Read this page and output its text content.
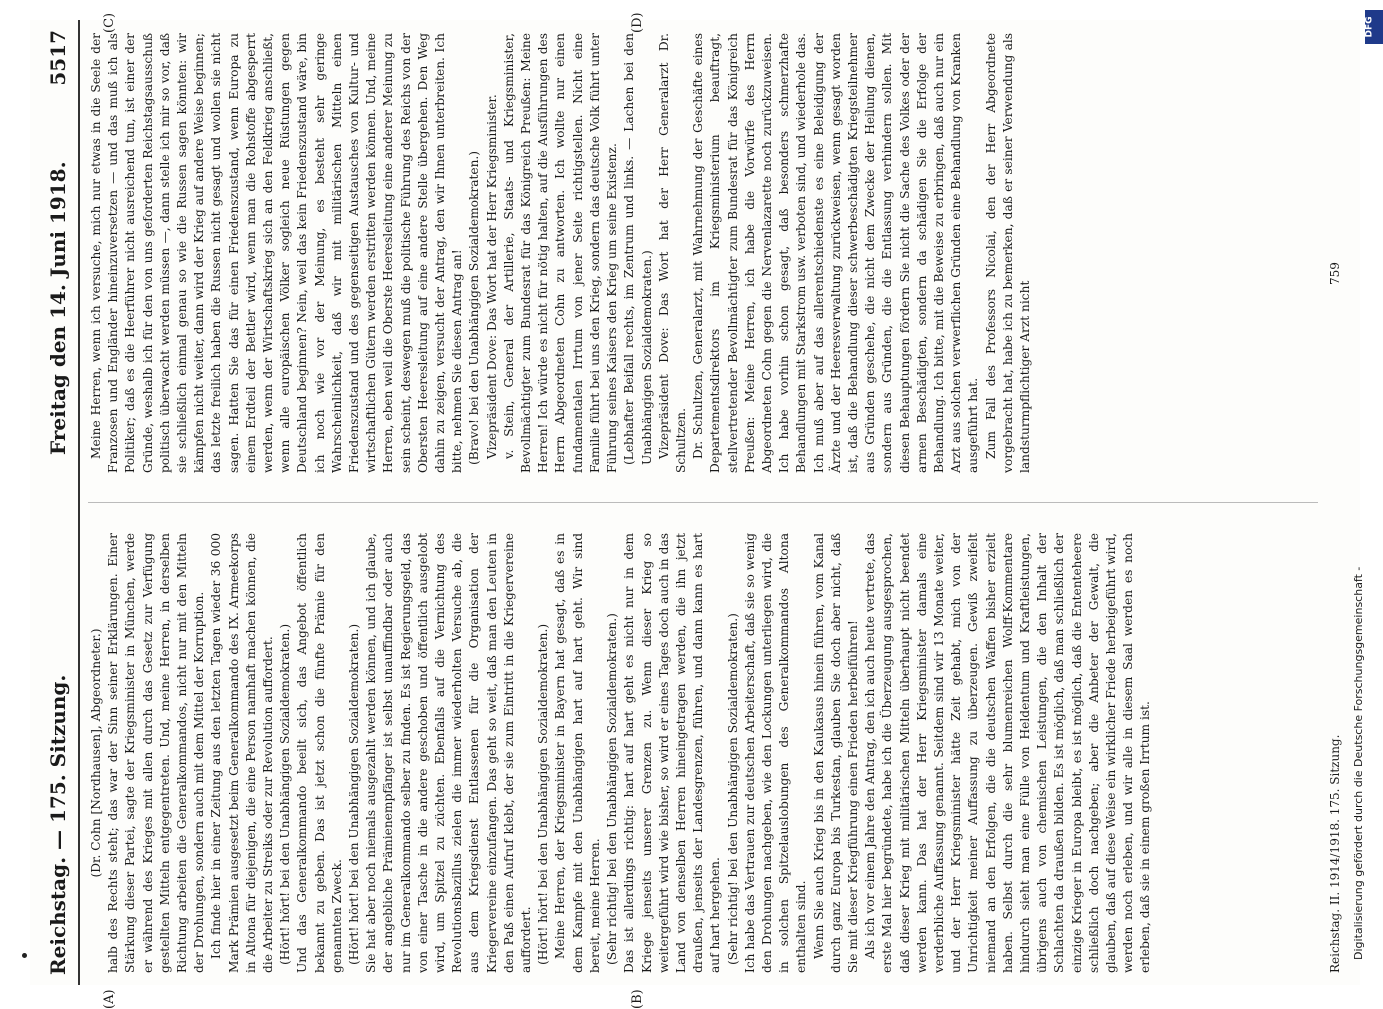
Reichstag. — 175. Sitzung.
Freitag den 14. Juni 1918.
5517
(A)	(B)
(C)	(D)

(Dr. Cohn [Nordhausen], Abgeordneter.) halb des Rechts steht; das war der Sinn seiner Erklärungen. Einer Stärkung dieser Partei, sagte der Kriegsminister in München, werde er während des Krieges mit allen durch das Gesetz zur Verfügung gestellten Mitteln entgegentreten. Und, meine Herren, in derselben Richtung arbeiten die Generalkommandos, nicht nur mit den Mitteln der Drohungen, sondern auch mit dem Mittel der Korruption. Ich finde hier in einer Zeitung aus den letzten Tagen wieder 36 000 Mark Prämien ausgesetzt beim Generalkommando des IX. Armeekorps in Altona für diejenigen, die eine Person namhaft machen können, die die Arbeiter zu Streiks oder zur Revolution auffordert. (Hört! hört! bei den Unabhängigen Sozialdemokraten.) Und das Generalkommando beeilt sich, das Angebot öffentlich bekannt zu geben. Das ist jetzt schon die fünfte Prämie für den genannten Zweck. (Hört! hört! bei den Unabhängigen Sozialdemokraten.) Sie hat aber noch niemals ausgezahlt werden können, und ich glaube, der angebliche Prämienempfänger ist selbst unauffindbar oder auch nur im Generalkommando selber zu finden. Es ist Regierungsgeld, das von einer Tasche in die andere geschoben und öffentlich ausgelobt wird, um Spitzel zu züchten. Ebenfalls auf die Vernichtung des Revolutionsbazillus zielen die immer wiederholten Versuche ab, die aus dem Kriegsdienst Entlassenen für die Organisation der Kriegervereine einzufangen. Das geht so weit, daß man den Leuten in den Paß einen Aufruf klebt, der sie zum Eintritt in die Kriegervereine auffordert. (Hört! hört! bei den Unabhängigen Sozialdemokraten.) Meine Herren, der Kriegsminister in Bayern hat gesagt, daß es in dem Kampfe mit den Unabhängigen hart auf hart geht. Wir sind bereit, meine Herren. (Sehr richtig! bei den Unabhängigen Sozialdemokraten.) Das ist allerdings richtig: hart auf hart geht es nicht nur in dem Kriege jenseits unserer Grenzen zu. Wenn dieser Krieg so weitergeführt wird wie bisher, so wird er eines Tages doch auch in das Land von denselben Herren hineingetragen werden, die ihn jetzt draußen, jenseits der Landesgrenzen, führen, und dann kann es hart auf hart hergehen. (Sehr richtig! bei den Unabhängigen Sozialdemokraten.) Ich habe das Vertrauen zur deutschen Arbeiterschaft, daß sie so wenig den Drohungen nachgeben, wie den Lockungen unterliegen wird, die in solchen Spitzelauslobungen des Generalkommandos Altona enthalten sind. Wenn Sie auch Krieg bis in den Kaukasus hinein führen, vom Kanal durch ganz Europa bis Turkestan, glauben Sie doch aber nicht, daß Sie mit dieser Kriegführung einen Frieden herbeiführen! Als ich vor einem Jahre den Antrag, den ich auch heute vertrete, das erste Mal hier begründete, habe ich die Überzeugung ausgesprochen, daß dieser Krieg mit militärischen Mitteln überhaupt nicht beendet werden kann. Das hat der Herr Kriegsminister damals eine verderbliche Auffassung genannt. Seitdem sind wir 13 Monate weiter, und der Herr Kriegsminister hätte Zeit gehabt, mich von der Unrichtigkeit meiner Auffassung zu überzeugen. Gewiß zweifelt niemand an den Erfolgen, die die deutschen Waffen bisher erzielt haben. Selbst durch die sehr blumenreichen Wolff-Kommentare hindurch sieht man eine Fülle von Heldentum und Kraftleistungen, übrigens auch von chemischen Leistungen, die den Inhalt der Schlachten da draußen bilden. Es ist möglich, daß man schließlich der einzige Krieger in Europa bleibt, es ist möglich, daß die Ententeheere schließlich doch nachgeben; aber die Anbeter der Gewalt, die glauben, daß auf diese Weise ein wirklicher Friede herbeigeführt wird, werden noch erleben, und wir alle in diesem Saal werden es noch erleben, daß sie in einem großen Irrtum ist.

Meine Herren, wenn ich versuche, mich nur etwas in die Seele der Franzosen und Engländer hineinzuversetzen — und das muß ich als Politiker; daß es die Heerführer nicht ausreichend tun, ist einer der Gründe, weshalb ich für den von uns geforderten Reichstagsausschuß politisch überwacht werden müssen —, dann stelle ich mir so vor, daß sie schließlich einmal genau so wie die Russen sagen könnten: wir kämpfen nicht weiter, dann wird der Krieg auf andere Weise beginnen; das letzte freilich haben die Russen nicht gesagt und wollen sie nicht sagen. Hatten Sie das für einen Friedenszustand, wenn Europa zu einem Erdteil der Bettler wird, wenn man die Rohstoffe abgesperrt werden, wenn der Wirtschaftskrieg sich an den Feldkrieg anschließt, wenn alle europäischen Völker sogleich neue Rüstungen gegen Deutschland beginnen? Nein, weil das kein Friedenszustand wäre, bin ich noch wie vor der Meinung, es besteht sehr geringe Wahrscheinlichkeit, daß wir mit militärischen Mitteln einen Friedenszustand und des gegenseitigen Austausches von Kultur- und wirtschaftlichen Gütern werden erstritten werden können. Und, meine Herren, eben weil die Oberste Heeresleitung eine anderer Meinung zu sein scheint, deswegen muß die politische Führung des Reichs von der Obersten Heeresleitung auf eine andere Stelle übergehen. Den Weg dahin zu zeigen, versucht der Antrag, den wir Ihnen unterbreiten. Ich bitte, nehmen Sie diesen Antrag an! (Bravo! bei den Unabhängigen Sozialdemokraten.) Vizepräsident Dove: Das Wort hat der Herr Kriegsminister. v. Stein, General der Artillerie, Staats- und Kriegsminister, Bevollmächtigter zum Bundesrat für das Königreich Preußen: Meine Herren! Ich würde es nicht für nötig halten, auf die Ausführungen des Herrn Abgeordneten Cohn zu antworten. Ich wollte nur einen fundamentalen Irrtum von jener Seite richtigstellen. Nicht eine Familie führt bei uns den Krieg, sondern das deutsche Volk führt unter Führung seines Kaisers den Krieg um seine Existenz. (Lebhafter Beifall rechts, im Zentrum und links. — Lachen bei den Unabhängigen Sozialdemokraten.) Vizepräsident Dove: Das Wort hat der Herr Generalarzt Dr. Schultzen. Dr. Schultzen, Generalarzt, mit Wahrnehmung der Geschäfte eines Departementsdirektors im Kriegsministerium beauftragt, stellvertretender Bevollmächtigter zum Bundesrat für das Königreich Preußen: Meine Herren, ich habe die Vorwürfe des Herrn Abgeordneten Cohn gegen die Nervenlazarette noch zurückzuweisen. Ich habe vorhin schon gesagt, daß besonders schmerzhafte Behandlungen mit Starkstrom usw. verboten sind, und wiederhole das. Ich muß aber auf das allerentschiedenste es eine Beleidigung der Ärzte und der Heeresverwaltung zurückweisen, wenn gesagt worden ist, daß die Behandlung dieser schwerbeschädigten Kriegsteilnehmer aus Gründen geschehe, die nicht dem Zwecke der Heilung dienen, sondern aus Gründen, die die Entlassung verhindern sollen. Mit diesen Behauptungen fördern Sie nicht die Sache des Volkes oder der armen Beschädigten, sondern da schädigen Sie die Erfolge der Behandlung. Ich bitte, mit die Beweise zu erbringen, daß auch nur ein Arzt aus solchen verwerflichen Gründen eine Behandlung von Kranken ausgeführt hat. Zum Fall des Professors Nicolai, den der Herr Abgeordnete vorgebracht hat, habe ich zu bemerken, daß er seiner Verwendung als landsturmpflichtiger Arzt nicht

Reichstag. II. 1914/1918. 175. Sitzung.
759
Digitalisierung gefördert durch die Deutsche Forschungsgemeinschaft -
DFG
